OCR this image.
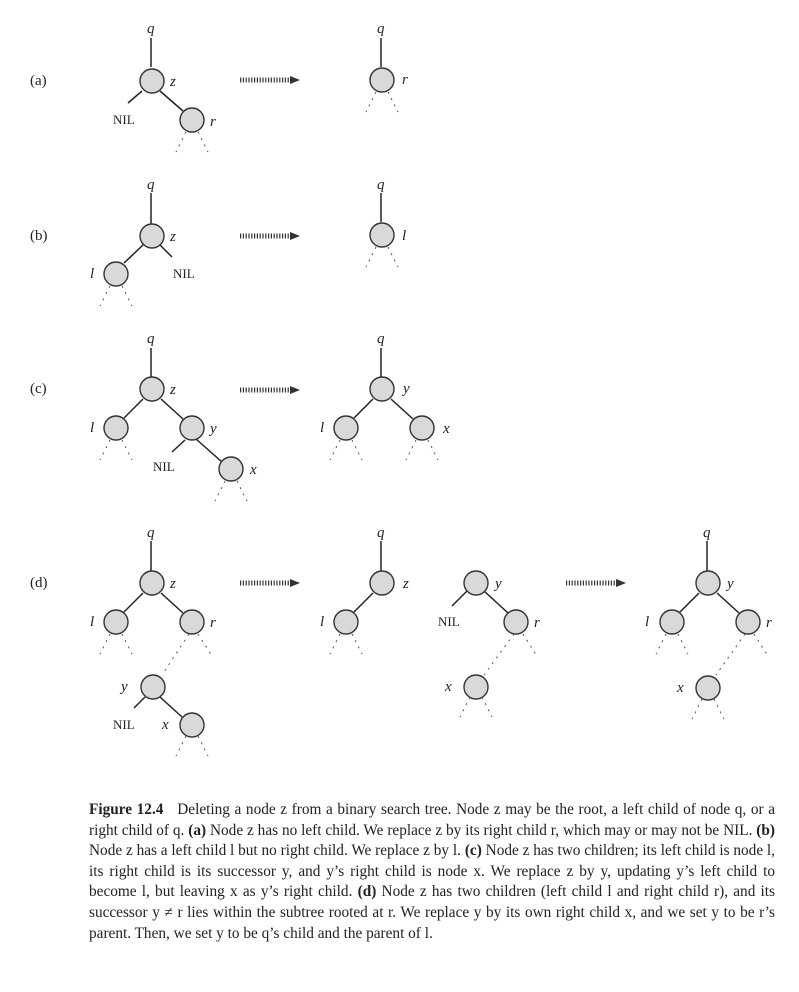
(a)
q
z
r
NIL
q
r
(b)
q
z
l	NIL
q
l
(c)
q
z
l	y
x
NIL
q
y
l	x
(d)
q
z
l	r
y
x
NIL
q
z
l
y
r
x
NIL
q
y
l	r
x
Figure 12.4 Deleting a node z from a binary search tree. Node z may be the root, a left child of node q, or a right child of q. (a) Node z has no left child. We replace z by its right child r, which may or may not be NIL. (b) Node z has a left child l but no right child. We replace z by l. (c) Node z has two children; its left child is node l, its right child is its successor y, and y’s right child is node x. We replace z by y, updating y’s left child to become l, but leaving x as y’s right child. (d) Node z has two children (left child l and right child r), and its successor y ≠ r lies within the subtree rooted at r. We replace y by its own right child x, and we set y to be r’s parent. Then, we set y to be q’s child and the parent of l.
